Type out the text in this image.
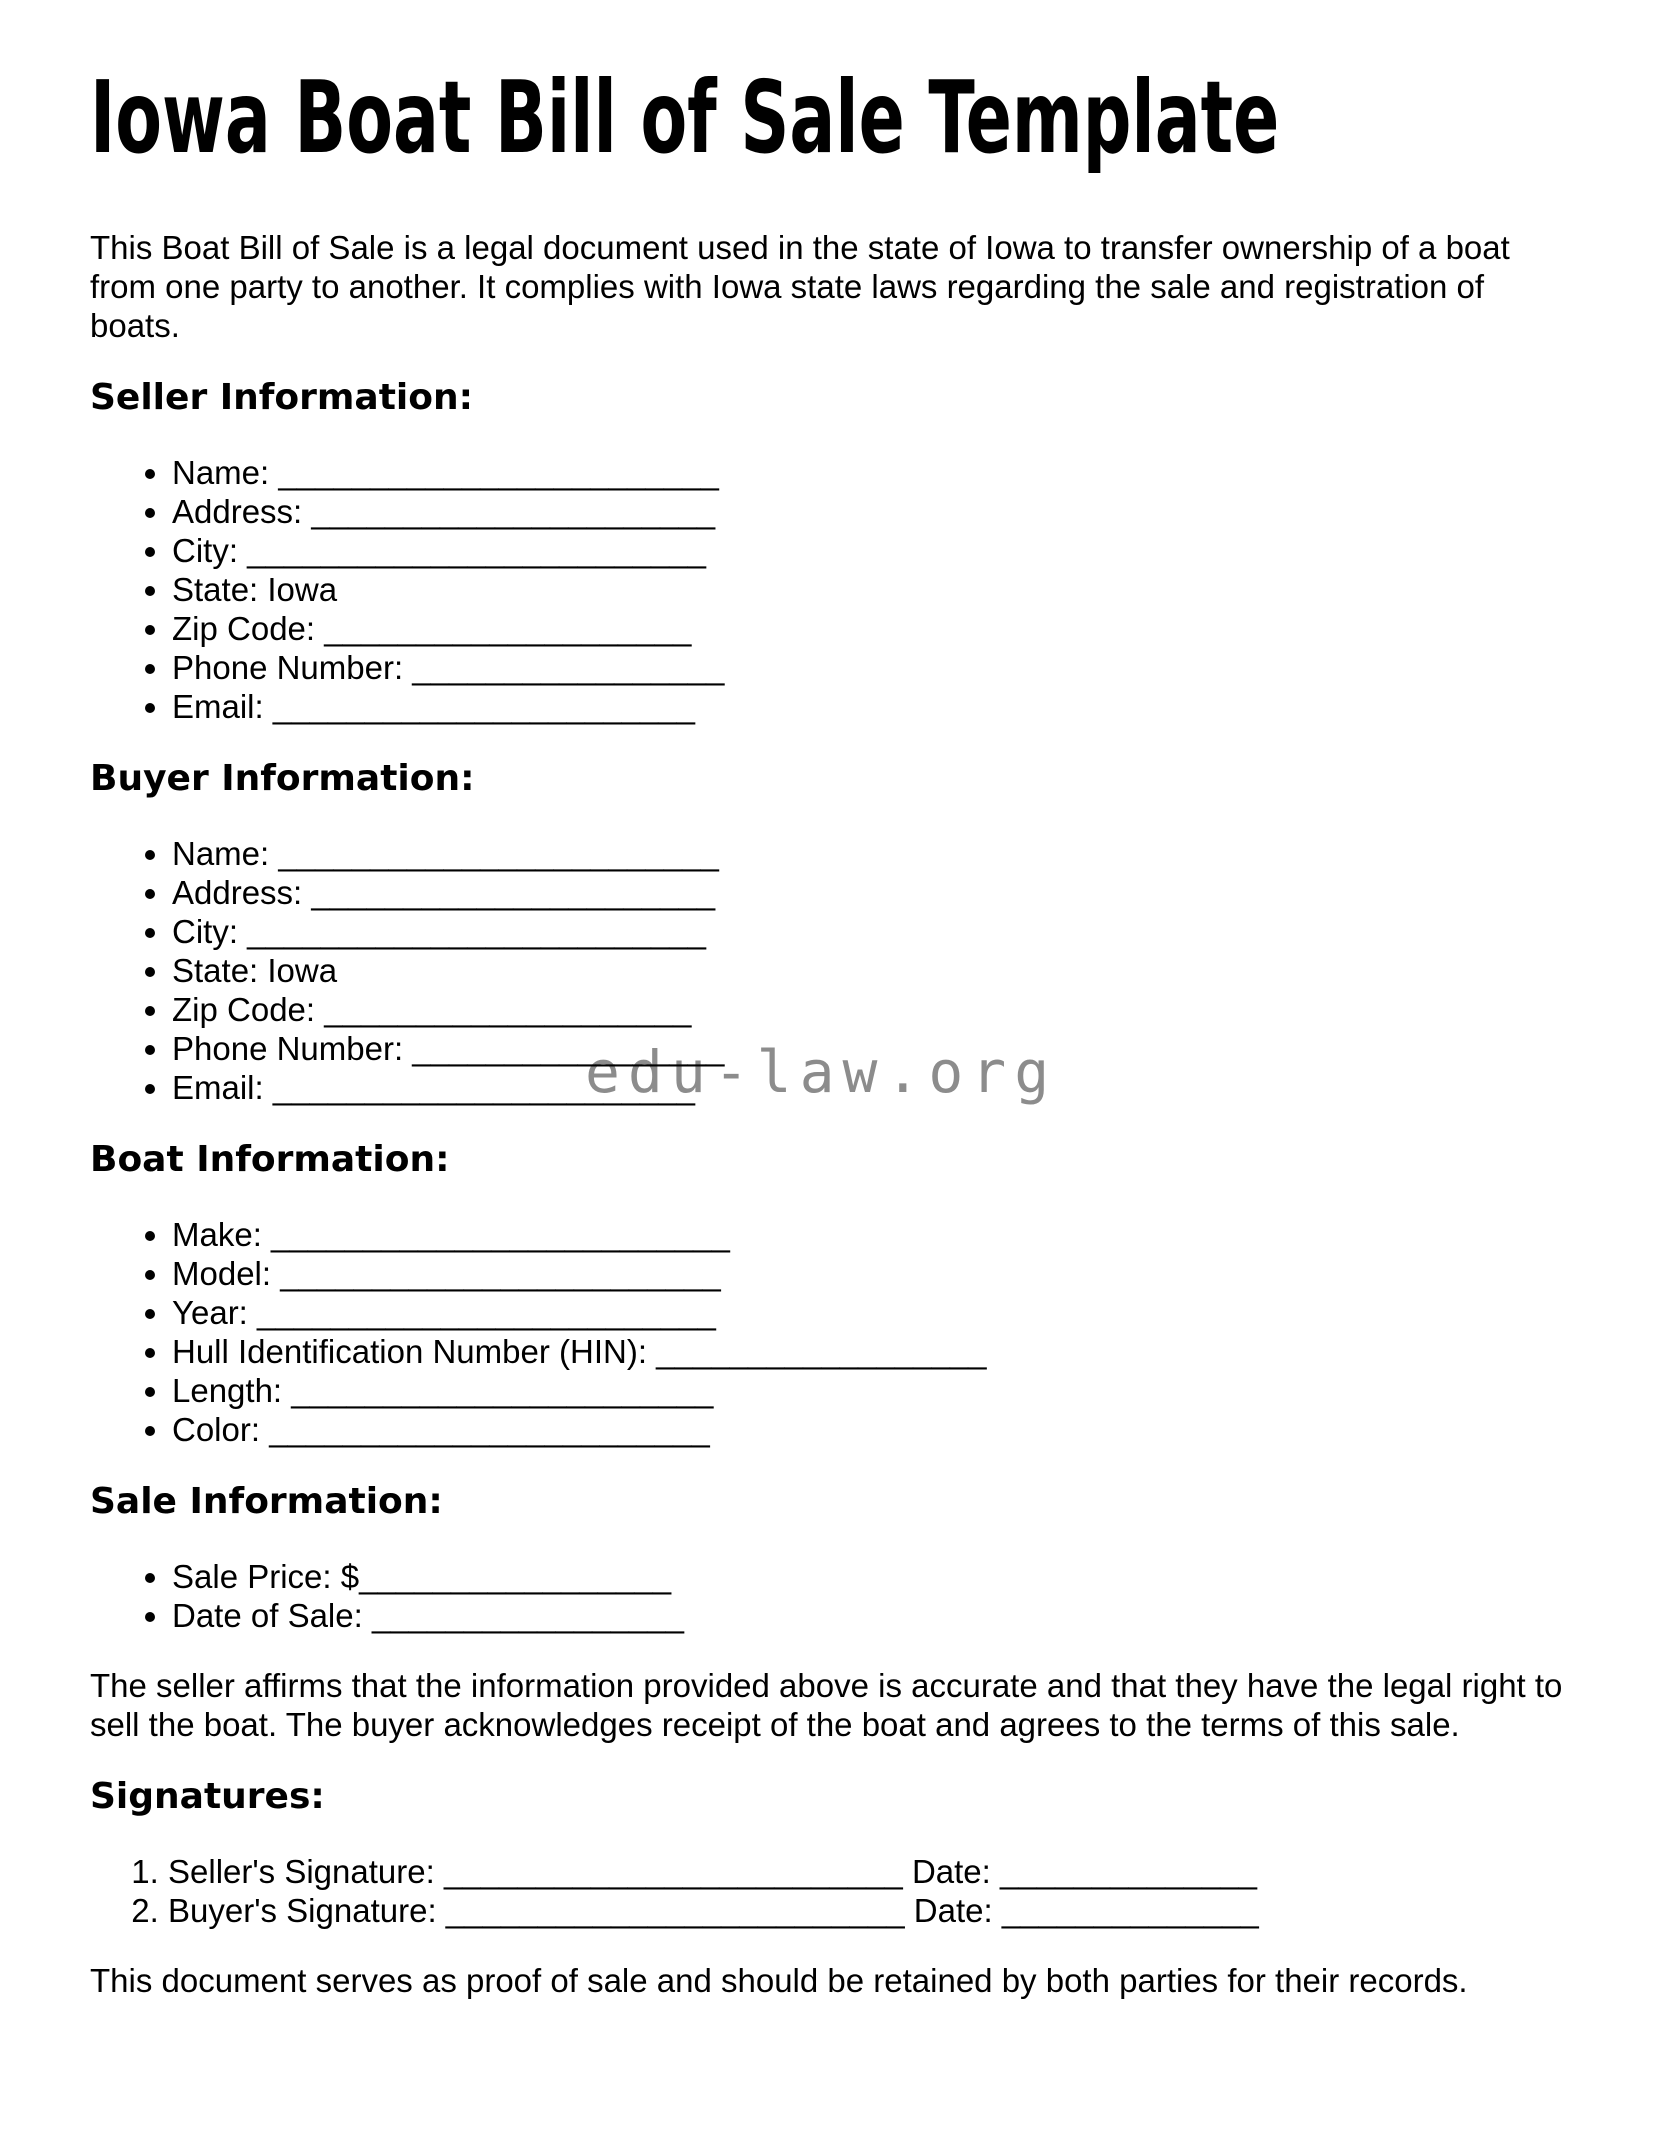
edu-law.org
Iowa Boat Bill of Sale Template

This Boat Bill of Sale is a legal document used in the state of Iowa to transfer ownership of a boat from one party to another. It complies with Iowa state laws regarding the sale and registration of boats.

Seller Information:
• Name: ________________________
• Address: ______________________
• City: _________________________
• State: Iowa
• Zip Code: ____________________
• Phone Number: _________________
• Email: _______________________
Buyer Information:
• Name: ________________________
• Address: ______________________
• City: _________________________
• State: Iowa
• Zip Code: ____________________
• Phone Number: _________________
• Email: _______________________
Boat Information:
• Make: _________________________
• Model: ________________________
• Year: _________________________
• Hull Identification Number (HIN): __________________
• Length: _______________________
• Color: ________________________
Sale Information:
• Sale Price: $_________________
• Date of Sale: _________________

The seller affirms that the information provided above is accurate and that they have the legal right to sell the boat. The buyer acknowledges receipt of the boat and agrees to the terms of this sale.

Signatures:
1. Seller's Signature: _________________________ Date: ______________
2. Buyer's Signature: _________________________ Date: ______________

This document serves as proof of sale and should be retained by both parties for their records.
